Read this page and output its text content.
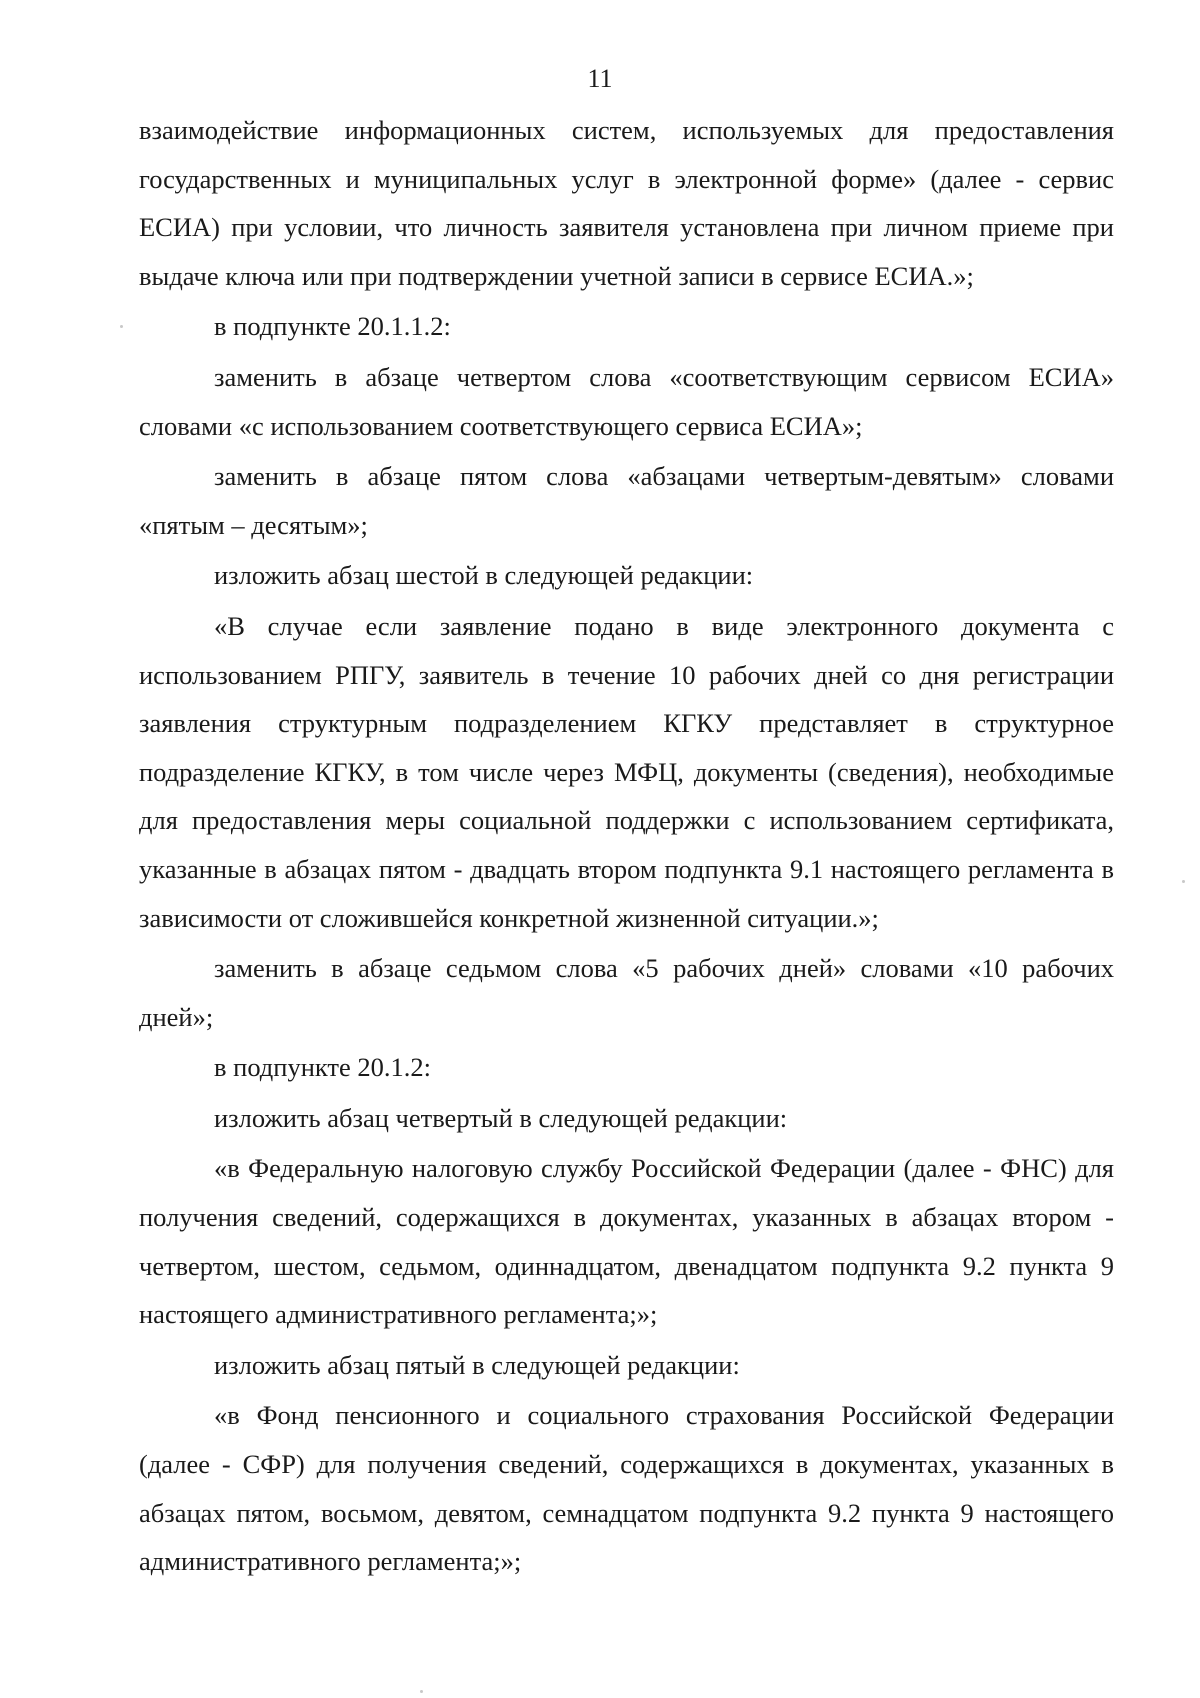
11

взаимодействие информационных систем, используемых для предоставления государственных и муниципальных услуг в электронной форме» (далее - сервис ЕСИА) при условии, что личность заявителя установлена при личном приеме при выдаче ключа или при подтверждении учетной записи в сервисе ЕСИА.»;

в подпункте 20.1.1.2:

заменить в абзаце четвертом слова «соответствующим сервисом ЕСИА» словами «с использованием соответствующего сервиса ЕСИА»;

заменить в абзаце пятом слова «абзацами четвертым-девятым» словами «пятым – десятым»;

изложить абзац шестой в следующей редакции:

«В случае если заявление подано в виде электронного документа с использованием РПГУ, заявитель в течение 10 рабочих дней со дня регистрации заявления структурным подразделением КГКУ представляет в структурное подразделение КГКУ, в том числе через МФЦ, документы (сведения), необходимые для предоставления меры социальной поддержки с использованием сертификата, указанные в абзацах пятом - двадцать втором подпункта 9.1 настоящего регламента в зависимости от сложившейся конкретной жизненной ситуации.»;

заменить в абзаце седьмом слова «5 рабочих дней» словами «10 рабочих дней»;

в подпункте 20.1.2:

изложить абзац четвертый в следующей редакции:

«в Федеральную налоговую службу Российской Федерации (далее - ФНС) для получения сведений, содержащихся в документах, указанных в абзацах втором - четвертом, шестом, седьмом, одиннадцатом, двенадцатом подпункта 9.2 пункта 9 настоящего административного регламента;»;

изложить абзац пятый в следующей редакции:

«в Фонд пенсионного и социального страхования Российской Федерации (далее - СФР) для получения сведений, содержащихся в документах, указанных в абзацах пятом, восьмом, девятом, семнадцатом подпункта 9.2 пункта 9 настоящего административного регламента;»;
